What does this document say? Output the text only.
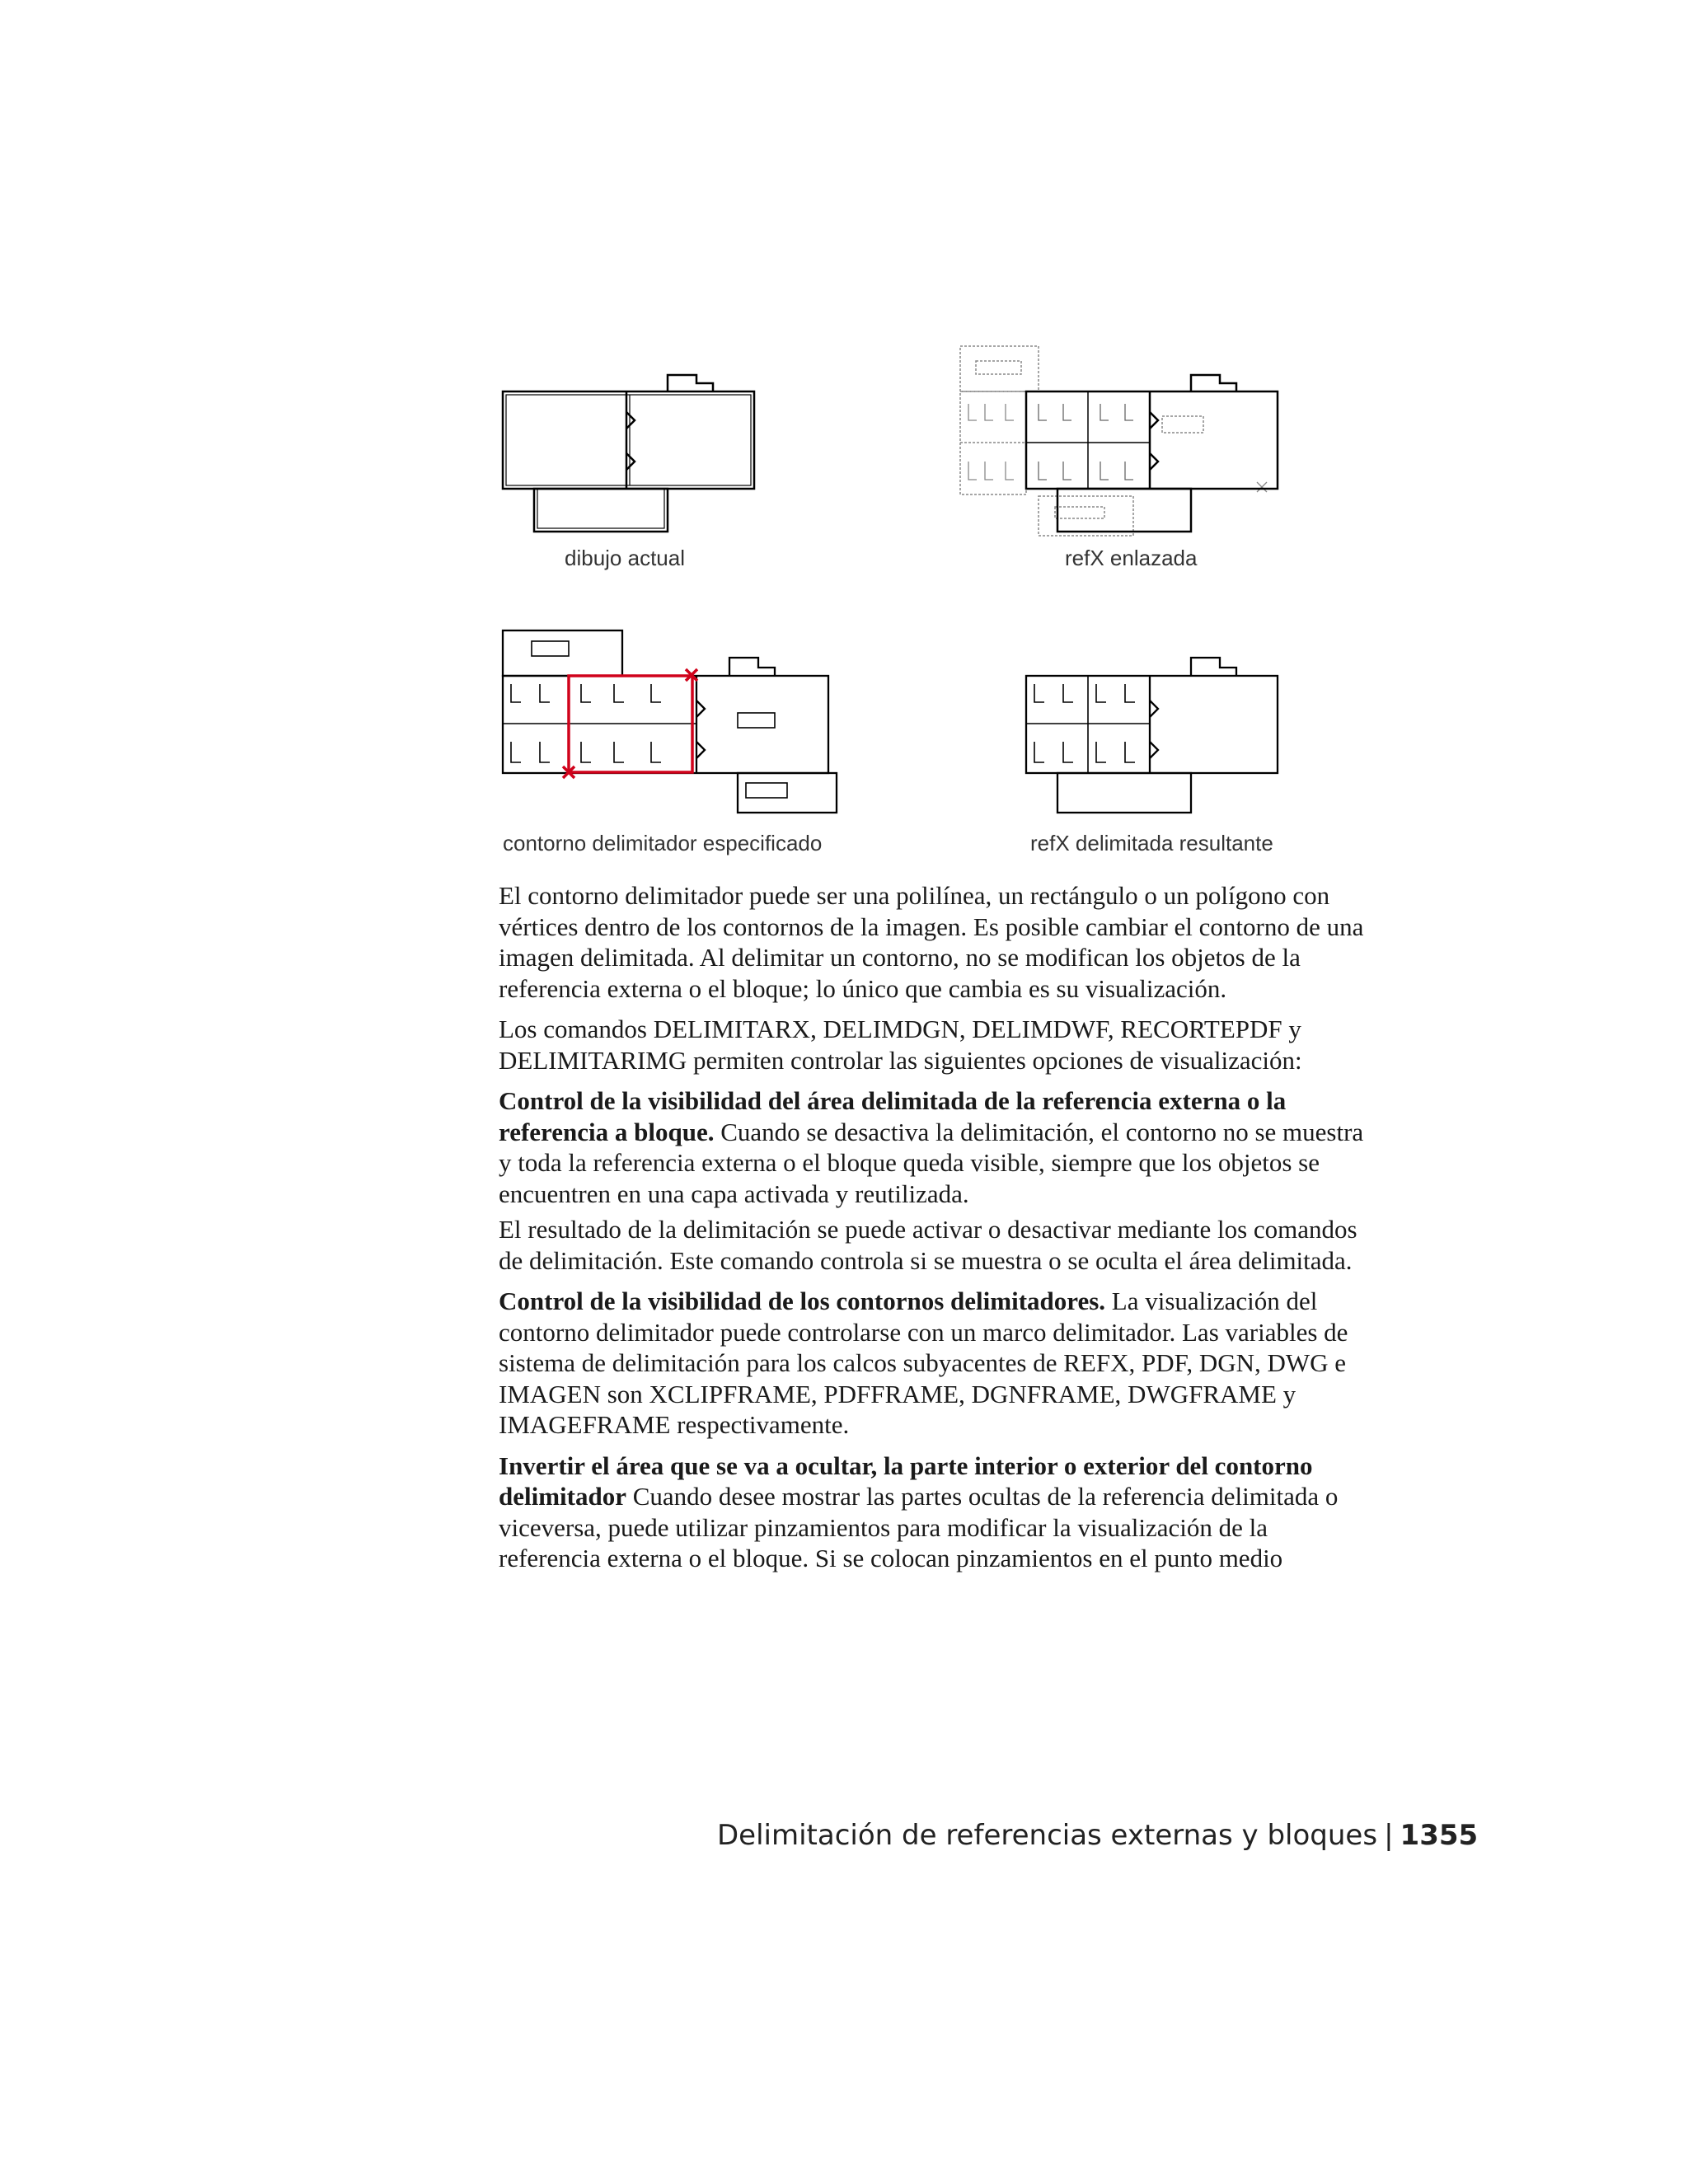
dibujo actual	refX enlazada
contorno delimitador especificado	refX delimitada resultante

El contorno delimitador puede ser una polilínea, un rectángulo o un polígono con vértices dentro de los contornos de la imagen. Es posible cambiar el contorno de una imagen delimitada. Al delimitar un contorno, no se modifican los objetos de la referencia externa o el bloque; lo único que cambia es su visualización.

Los comandos DELIMITARX, DELIMDGN, DELIMDWF, RECORTEPDF y DELIMITARIMG permiten controlar las siguientes opciones de visualización:

Control de la visibilidad del área delimitada de la referencia externa o la referencia a bloque. Cuando se desactiva la delimitación, el contorno no se muestra y toda la referencia externa o el bloque queda visible, siempre que los objetos se encuentren en una capa activada y reutilizada.

El resultado de la delimitación se puede activar o desactivar mediante los comandos de delimitación. Este comando controla si se muestra o se oculta el área delimitada.

Control de la visibilidad de los contornos delimitadores. La visualización del contorno delimitador puede controlarse con un marco delimitador. Las variables de sistema de delimitación para los calcos subyacentes de REFX, PDF, DGN, DWG e IMAGEN son XCLIPFRAME, PDFFRAME, DGNFRAME, DWGFRAME y IMAGEFRAME respectivamente.

Invertir el área que se va a ocultar, la parte interior o exterior del contorno delimitador Cuando desee mostrar las partes ocultas de la referencia delimitada o viceversa, puede utilizar pinzamientos para modificar la visualización de la referencia externa o el bloque. Si se colocan pinzamientos en el punto medio

Delimitación de referencias externas y bloques | 1355
